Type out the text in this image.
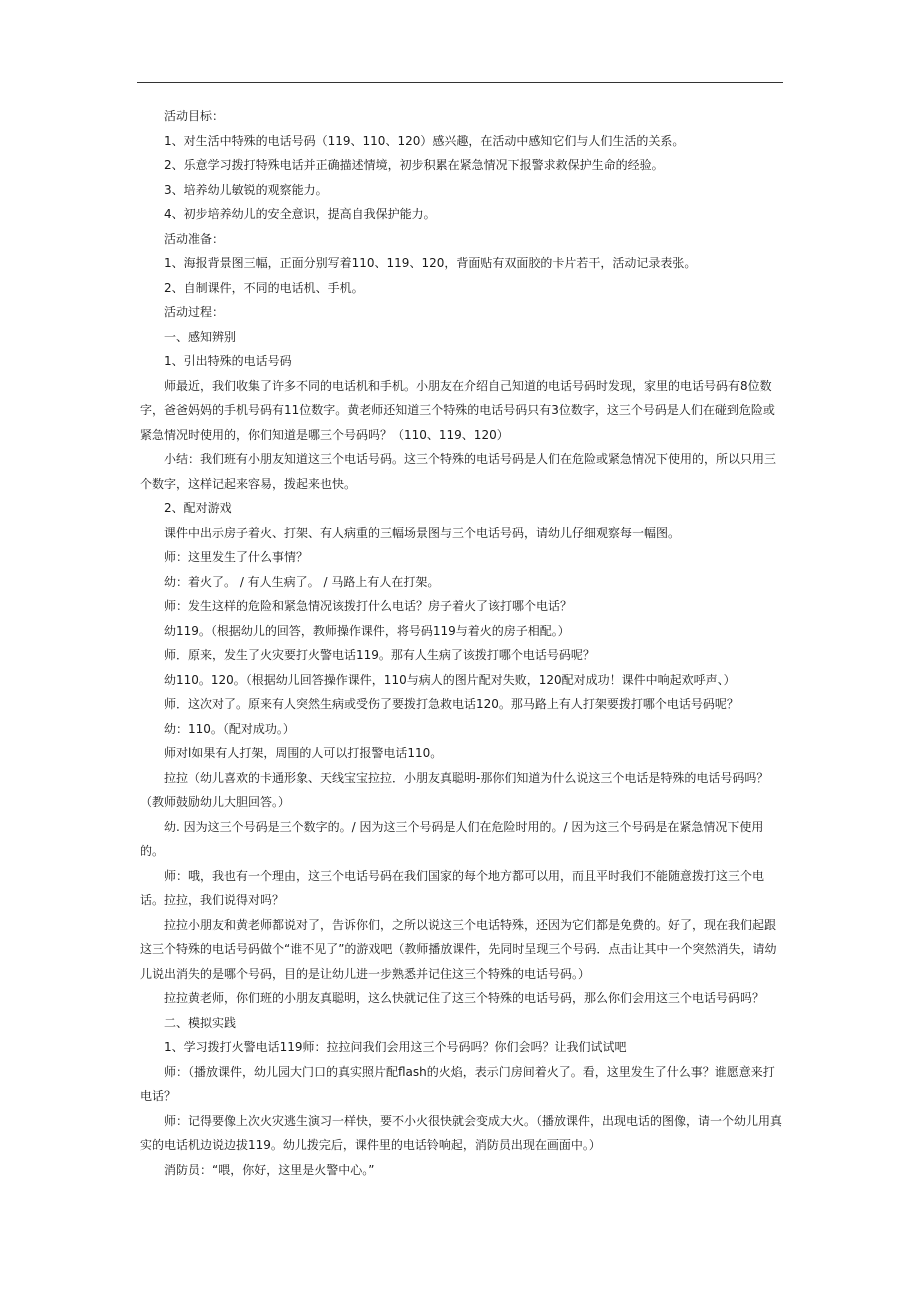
活动目标：

1、对生活中特殊的电话号码（119、110、120）感兴趣，在活动中感知它们与人们生活的关系。

2、乐意学习拨打特殊电话并正确描述情境，初步积累在紧急情况下报警求救保护生命的经验。

3、培养幼儿敏锐的观察能力。

4、初步培养幼儿的安全意识，提高自我保护能力。

活动准备：

1、海报背景图三幅，正面分别写着110、119、120，背面贴有双面胶的卡片若干，活动记录表张。

2、自制课件，不同的电话机、手机。

活动过程：

一、感知辨别

1、引出特殊的电话号码

师最近，我们收集了许多不同的电话机和手机。小朋友在介绍自己知道的电话号码时发现，家里的电话号码有8位数字，爸爸妈妈的手机号码有11位数字。黄老师还知道三个特殊的电话号码只有3位数字，这三个号码是人们在碰到危险或紧急情况时使用的，你们知道是哪三个号码吗？（110、119、120）

小结：我们班有小朋友知道这三个电话号码。这三个特殊的电话号码是人们在危险或紧急情况下使用的，所以只用三个数字，这样记起来容易，拨起来也快。

2、配对游戏

课件中出示房子着火、打架、有人病重的三幅场景图与三个电话号码，请幼儿仔细观察每一幅图。

师：这里发生了什么事情？

幼：着火了。 / 有人生病了。 / 马路上有人在打架。

师：发生这样的危险和紧急情况该拨打什么电话？房子着火了该打哪个电话？

幼119。（根据幼儿的回答，教师操作课件，将号码119与着火的房子相配。）

师．原来，发生了火灾要打火警电话119。那有人生病了该拨打哪个电话号码呢？

幼110。120。（根据幼儿回答操作课件，110与病人的图片配对失败，120配对成功！课件中响起欢呼声、）

师．这次对了。原来有人突然生病或受伤了要拨打急救电话120。那马路上有人打架要拨打哪个电话号码呢？

幼：110。（配对成功。）

师对l如果有人打架，周围的人可以打报警电话110。

拉拉（幼儿喜欢的卡通形象、天线宝宝拉拉．小朋友真聪明-那你们知道为什么说这三个电话是特殊的电话号码吗？（教师鼓励幼儿大胆回答。）

幼. 因为这三个号码是三个数字的。/ 因为这三个号码是人们在危险时用的。/ 因为这三个号码是在紧急情况下使用的。

师：哦，我也有一个理由，这三个电话号码在我们国家的每个地方都可以用，而且平时我们不能随意拨打这三个电话。拉拉，我们说得对吗？

拉拉小朋友和黄老师都说对了，告诉你们，之所以说这三个电话特殊，还因为它们都是免费的。好了，现在我们起跟这三个特殊的电话号码做个“谁不见了”的游戏吧（教师播放课件，先同时呈现三个号码．点击让其中一个突然消失，请幼儿说出消失的是哪个号码，目的是让幼儿进一步熟悉并记住这三个特殊的电话号码。）

拉拉黄老师，你们班的小朋友真聪明，这么快就记住了这三个特殊的电话号码，那么你们会用这三个电话号码吗？

二、模拟实践

1、学习拨打火警电话119师：拉拉问我们会用这三个号码吗？你们会吗？让我们试试吧

师：（播放课件，幼儿园大门口的真实照片配flash的火焰，表示门房间着火了。看，这里发生了什么事？谁愿意来打电话？

师：记得要像上次火灾逃生演习一样快，要不小火很快就会变成大火。（播放课件，出现电话的图像，请一个幼儿用真实的电话机边说边拔119。幼儿拨完后，课件里的电话铃响起，消防员出现在画面中。）

消防员：“喂，你好，这里是火警中心。”
